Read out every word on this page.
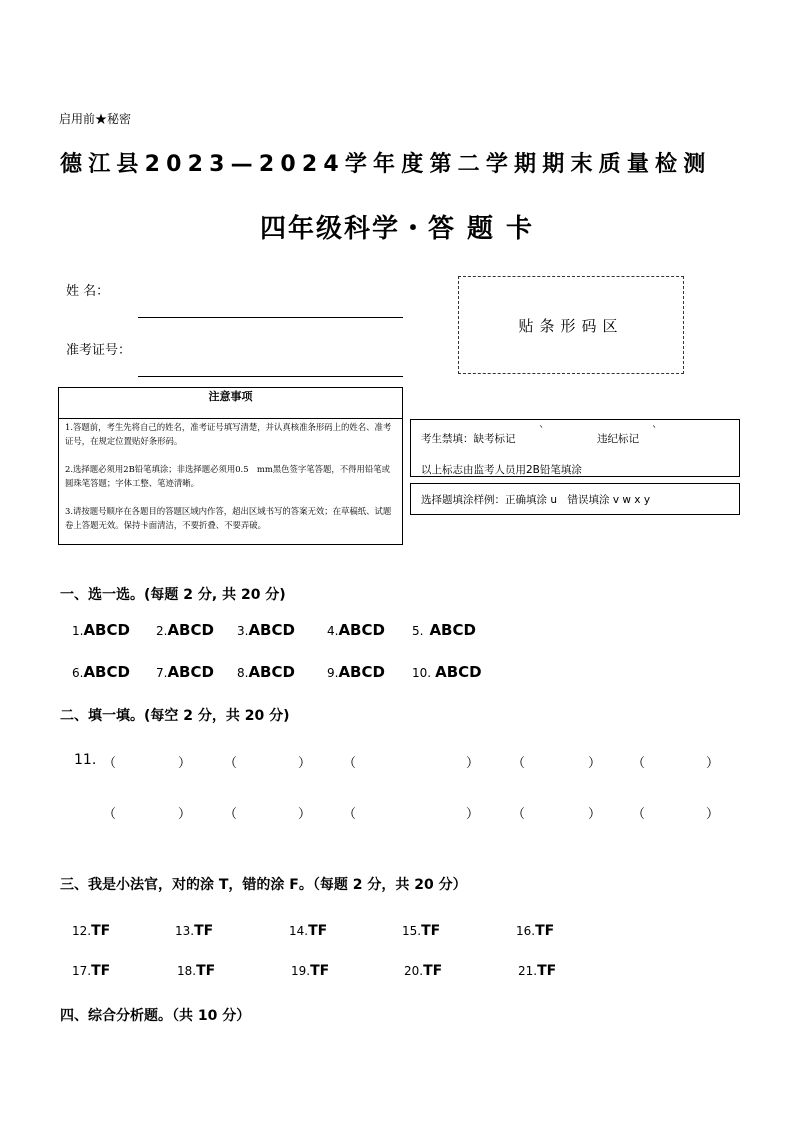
启用前★秘密
德江县2023—2024学年度第二学期期末质量检测
四年级科学・答 题 卡
姓 名：
准考证号：
贴条形码区
注意事项
1.答题前，考生先将自己的姓名，准考证号填写清楚，并认真核准条形码上的姓名、准考证号，在规定位置贴好条形码。
2.选择题必须用2B铅笔填涂；非选择题必须用0.5　mm黑色签字笔答题，不得用铅笔或圆珠笔答题；字体工整、笔迹清晰。
3.请按题号顺序在各题目的答题区域内作答，超出区域书写的答案无效；在草稿纸、试题卷上答题无效。保持卡面清洁，不要折叠、不要弄破。
考生禁填：缺考标记
`
违纪标记
`
以上标志由监考人员用2B铅笔填涂
选择题填涂样例：正确填涂 u　错误填涂 v w x y
一、选一选。(每题 2 分, 共 20 分)
1.ABCD 2.ABCD 3.ABCD	4.ABCD 5. ABCD
6.ABCD 7.ABCD 8.ABCD	9.ABCD 10. ABCD
二、填一填。(每空 2 分，共 20 分)
11. （	）	（	） （	）	（	） （	）
（	）	（	） （	）	（	） （	）
三、我是小法官，对的涂 T，错的涂 F。（每题 2 分，共 20 分）
12.TF	13.TF	14.TF	15.TF	16.TF
17.TF	18.TF	19.TF	20.TF	21.TF
四、综合分析题。（共 10 分）
